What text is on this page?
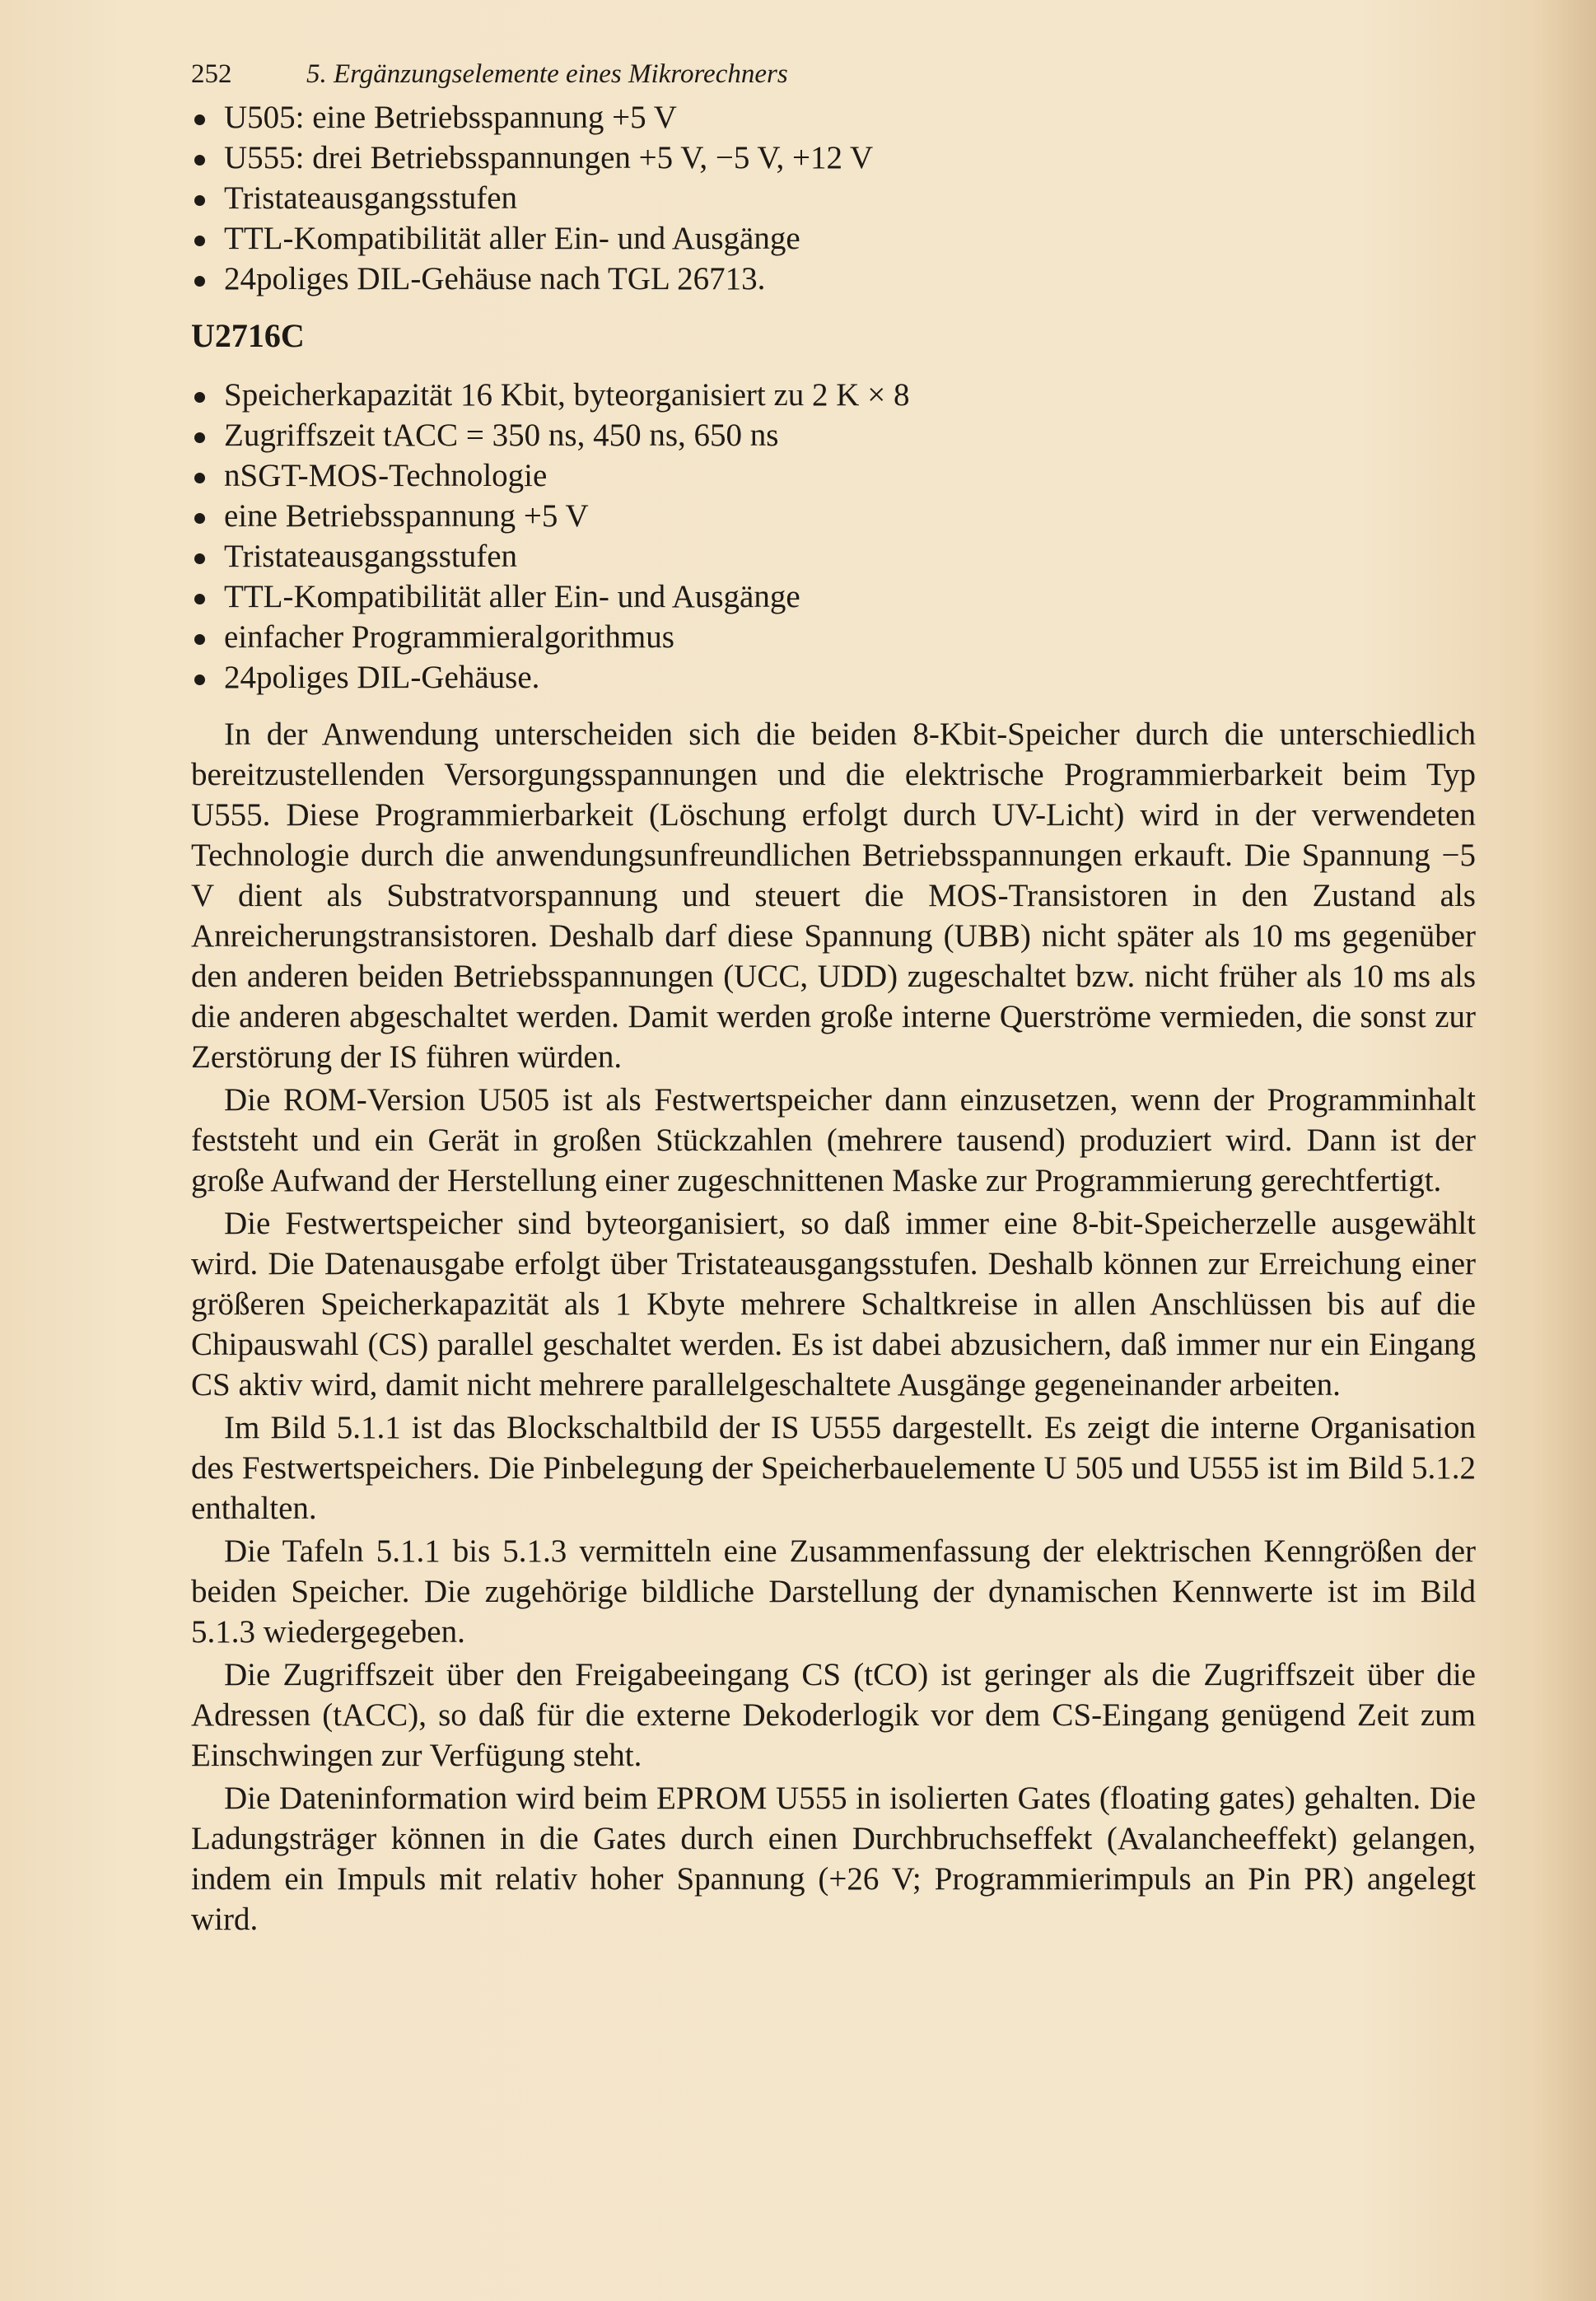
252	5. Ergänzungselemente eines Mikrorechners
U505: eine Betriebsspannung +5 V
U555: drei Betriebsspannungen +5 V, −5 V, +12 V
Tristateausgangsstufen
TTL-Kompatibilität aller Ein- und Ausgänge
24poliges DIL-Gehäuse nach TGL 26713.
U2716C
Speicherkapazität 16 Kbit, byteorganisiert zu 2 K × 8
Zugriffszeit tACC = 350 ns, 450 ns, 650 ns
nSGT-MOS-Technologie
eine Betriebsspannung +5 V
Tristateausgangsstufen
TTL-Kompatibilität aller Ein- und Ausgänge
einfacher Programmieralgorithmus
24poliges DIL-Gehäuse.

In der Anwendung unterscheiden sich die beiden 8-Kbit-Speicher durch die unterschiedlich bereitzustellenden Versorgungsspannungen und die elektrische Programmierbarkeit beim Typ U555. Diese Programmierbarkeit (Löschung erfolgt durch UV-Licht) wird in der verwendeten Technologie durch die anwendungsunfreundlichen Betriebsspannungen erkauft. Die Spannung −5 V dient als Substratvorspannung und steuert die MOS-Transistoren in den Zustand als Anreicherungstransistoren. Deshalb darf diese Spannung (UBB) nicht später als 10 ms gegenüber den anderen beiden Betriebsspannungen (UCC, UDD) zugeschaltet bzw. nicht früher als 10 ms als die anderen abgeschaltet werden. Damit werden große interne Querströme vermieden, die sonst zur Zerstörung der IS führen würden.

Die ROM-Version U505 ist als Festwertspeicher dann einzusetzen, wenn der Programminhalt feststeht und ein Gerät in großen Stückzahlen (mehrere tausend) produziert wird. Dann ist der große Aufwand der Herstellung einer zugeschnittenen Maske zur Programmierung gerechtfertigt.

Die Festwertspeicher sind byteorganisiert, so daß immer eine 8-bit-Speicherzelle ausgewählt wird. Die Datenausgabe erfolgt über Tristateausgangsstufen. Deshalb können zur Erreichung einer größeren Speicherkapazität als 1 Kbyte mehrere Schaltkreise in allen Anschlüssen bis auf die Chipauswahl (CS) parallel geschaltet werden. Es ist dabei abzusichern, daß immer nur ein Eingang CS aktiv wird, damit nicht mehrere parallelgeschaltete Ausgänge gegeneinander arbeiten.

Im Bild 5.1.1 ist das Blockschaltbild der IS U555 dargestellt. Es zeigt die interne Organisation des Festwertspeichers. Die Pinbelegung der Speicherbauelemente U 505 und U555 ist im Bild 5.1.2 enthalten.

Die Tafeln 5.1.1 bis 5.1.3 vermitteln eine Zusammenfassung der elektrischen Kenngrößen der beiden Speicher. Die zugehörige bildliche Darstellung der dynamischen Kennwerte ist im Bild 5.1.3 wiedergegeben.

Die Zugriffszeit über den Freigabeeingang CS (tCO) ist geringer als die Zugriffszeit über die Adressen (tACC), so daß für die externe Dekoderlogik vor dem CS-Eingang genügend Zeit zum Einschwingen zur Verfügung steht.

Die Dateninformation wird beim EPROM U555 in isolierten Gates (floating gates) gehalten. Die Ladungsträger können in die Gates durch einen Durchbruchseffekt (Avalancheeffekt) gelangen, indem ein Impuls mit relativ hoher Spannung (+26 V; Programmierimpuls an Pin PR) angelegt wird.
